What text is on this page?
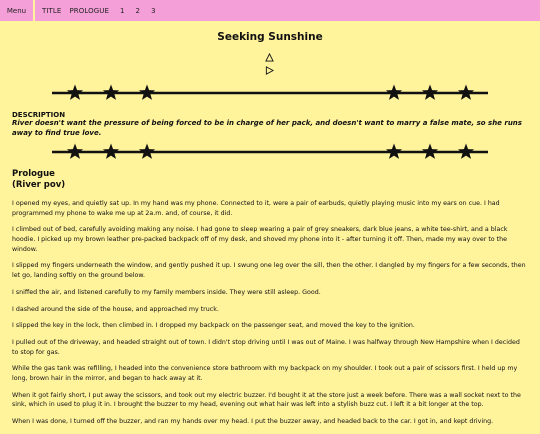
Menu	TITLE PROLOGUE 1 2 3
Seeking Sunshine
DESCRIPTION
River doesn't want the pressure of being forced to be in charge of her pack, and doesn't want to marry a false mate, so she runs away to find true love.
Prologue
(River pov)

I opened my eyes, and quietly sat up. In my hand was my phone. Connected to it, were a pair of earbuds, quietly playing music into my ears on cue. I had programmed my phone to wake me up at 2a.m. and, of course, it did.

I climbed out of bed, carefully avoiding making any noise. I had gone to sleep wearing a pair of grey sneakers, dark blue jeans, a white tee-shirt, and a black hoodie. I picked up my brown leather pre-packed backpack off of my desk, and shoved my phone into it - after turning it off. Then, made my way over to the window.

I slipped my fingers underneath the window, and gently pushed it up. I swung one leg over the sill, then the other. I dangled by my fingers for a few seconds, then let go, landing softly on the ground below.

I sniffed the air, and listened carefully to my family members inside. They were still asleep. Good.

I dashed around the side of the house, and approached my truck.

I slipped the key in the lock, then climbed in. I dropped my backpack on the passenger seat, and moved the key to the ignition.

I pulled out of the driveway, and headed straight out of town. I didn't stop driving until I was out of Maine. I was halfway through New Hampshire when I decided to stop for gas.

While the gas tank was refilling, I headed into the convenience store bathroom with my backpack on my shoulder. I took out a pair of scissors first. I held up my long, brown hair in the mirror, and began to hack away at it.

When it got fairly short, I put away the scissors, and took out my electric buzzer. I'd bought it at the store just a week before. There was a wall socket next to the sink, which in used to plug it in. I brought the buzzer to my head, evening out what hair was left into a stylish buzz cut. I left it a bit longer at the top.

When I was done, I turned off the buzzer, and ran my hands over my head. I put the buzzer away, and headed back to the car. I got in, and kept driving.
